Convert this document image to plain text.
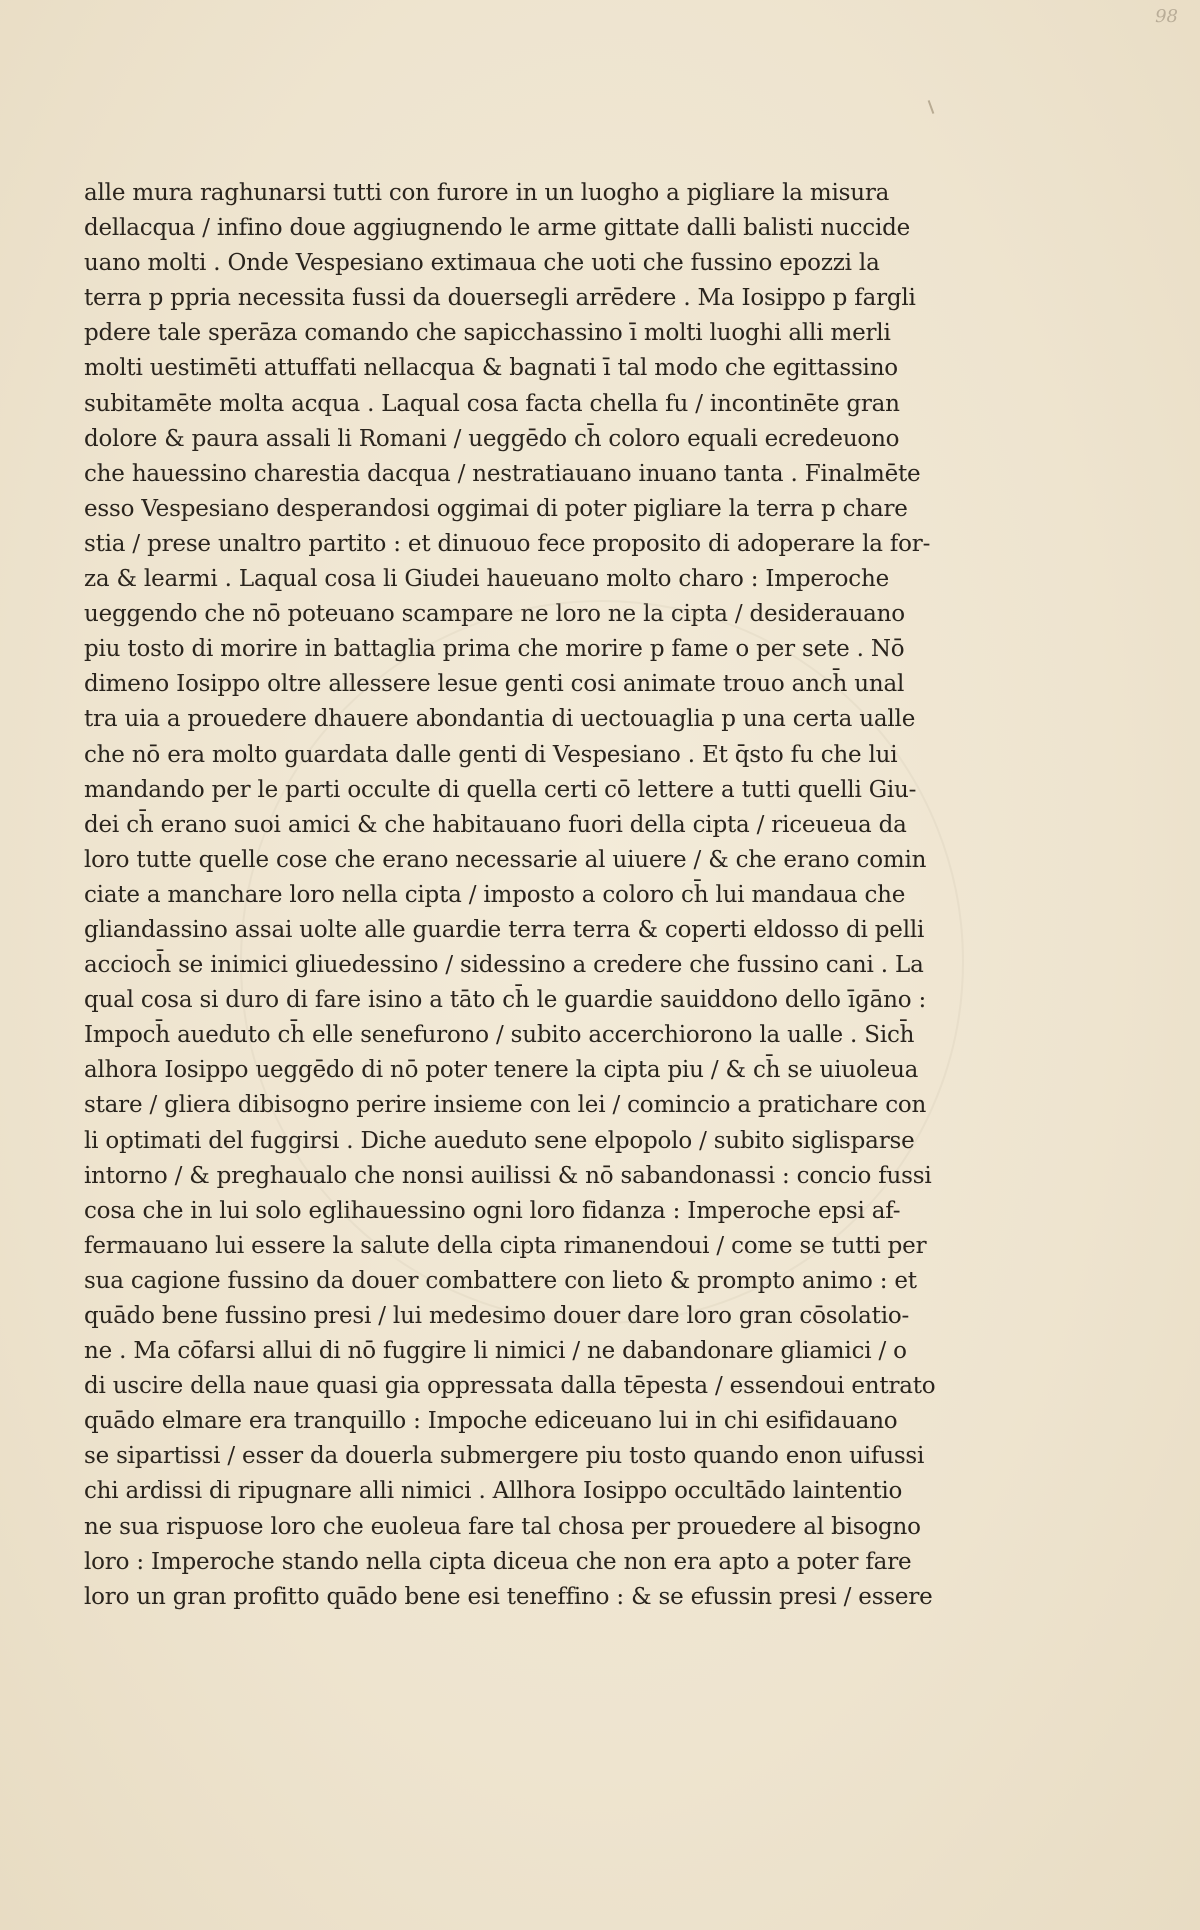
98
alle mura raghunarsi tutti con furore in un luogho a pigliare la misura
dellacqua / infino doue aggiugnendo le arme gittate dalli balisti nuccide
uano molti . Onde Vespesiano extimaua che uoti che fussino epozzi la
terra p ppria necessita fussi da douersegli arrēdere . Ma Iosippo p fargli
pdere tale sperāza comando che sapicchassino ī molti luoghi alli merli
molti uestimēti attuffati nellacqua & bagnati ī tal modo che egittassino
subitamēte molta acqua . Laqual cosa facta chella fu / incontinēte gran
dolore & paura assali li Romani / ueggēdo ch̄ coloro equali ecredeuono
che hauessino charestia dacqua / nestratiauano inuano tanta . Finalmēte
esso Vespesiano desperandosi oggimai di poter pigliare la terra p chare
stia / prese unaltro partito : et dinuouo fece proposito di adoperare la for-
za & learmi . Laqual cosa li Giudei haueuano molto charo : Imperoche
ueggendo che nō poteuano scampare ne loro ne la cipta / desiderauano
piu tosto di morire in battaglia prima che morire p fame o per sete . Nō
dimeno Iosippo oltre allessere lesue genti cosi animate trouo anch̄ unal
tra uia a prouedere dhauere abondantia di uectouaglia p una certa ualle
che nō era molto guardata dalle genti di Vespesiano . Et q̄sto fu che lui
mandando per le parti occulte di quella certi cō lettere a tutti quelli Giu-
dei ch̄ erano suoi amici & che habitauano fuori della cipta / riceueua da
loro tutte quelle cose che erano necessarie al uiuere / & che erano comin
ciate a manchare loro nella cipta / imposto a coloro ch̄ lui mandaua che
gliandassino assai uolte alle guardie terra terra & coperti eldosso di pelli
accioch̄ se inimici gliuedessino / sidessino a credere che fussino cani . La
qual cosa si duro di fare isino a tāto ch̄ le guardie sauiddono dello īgāno :
Impoch̄ aueduto ch̄ elle senefurono / subito accerchiorono la ualle . Sich̄
alhora Iosippo ueggēdo di nō poter tenere la cipta piu / & ch̄ se uiuoleua
stare / gliera dibisogno perire insieme con lei / comincio a pratichare con
li optimati del fuggirsi . Diche aueduto sene elpopolo / subito siglisparse
intorno / & preghaualo che nonsi auilissi & nō sabandonassi : concio fussi
cosa che in lui solo eglihauessino ogni loro fidanza : Imperoche epsi af-
fermauano lui essere la salute della cipta rimanendoui / come se tutti per
sua cagione fussino da douer combattere con lieto & prompto animo : et
quādo bene fussino presi / lui medesimo douer dare loro gran cōsolatio-
ne . Ma cōfarsi allui di nō fuggire li nimici / ne dabandonare gliamici / o
di uscire della naue quasi gia oppressata dalla tēpesta / essendoui entrato
quādo elmare era tranquillo : Impoche ediceuano lui in chi esifidauano
se sipartissi / esser da douerla submergere piu tosto quando enon uifussi
chi ardissi di ripugnare alli nimici . Allhora Iosippo occultādo laintentio
ne sua rispuose loro che euoleua fare tal chosa per prouedere al bisogno
loro : Imperoche stando nella cipta diceua che non era apto a poter fare
loro un gran profitto quādo bene esi teneffino : & se efussin presi / essere
